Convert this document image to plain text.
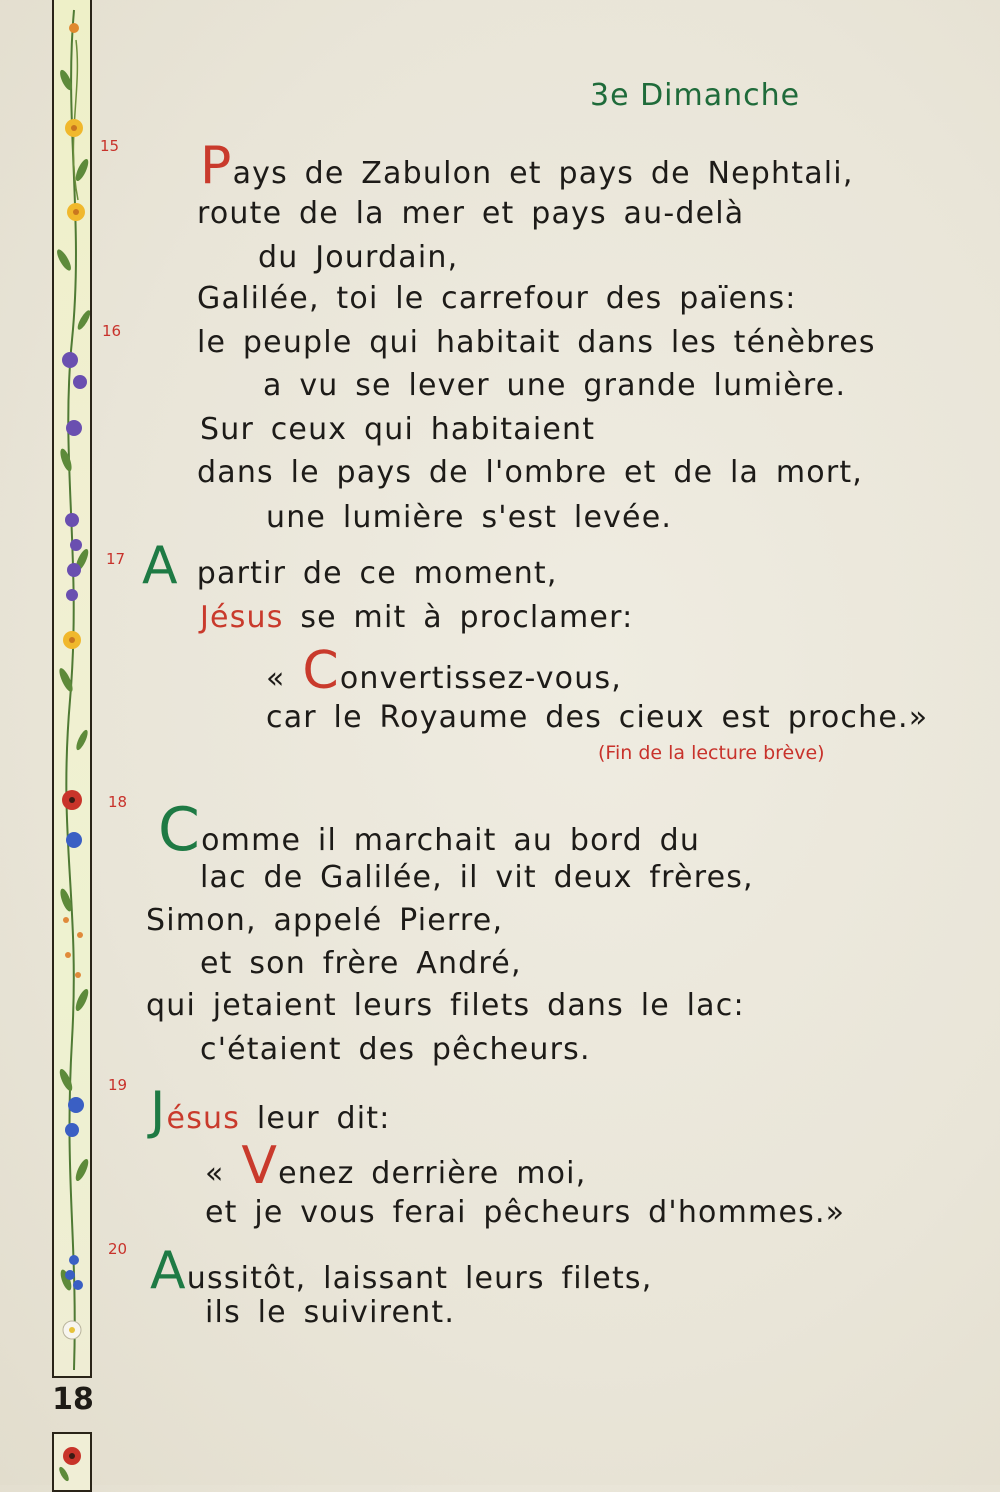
18
3e Dimanche
15
16
17
18
19
20
Pays de Zabulon et pays de Nephtali,
route de la mer et pays au-delà
du Jourdain,
Galilée, toi le carrefour des païens:
le peuple qui habitait dans les ténèbres
a vu se lever une grande lumière.
Sur ceux qui habitaient
dans le pays de l'ombre et de la mort,
une lumière s'est levée.
Apartir de ce moment,
Jésus se mit à proclamer:
« Convertissez-vous,
car le Royaume des cieux est proche.»
(Fin de la lecture brève)
Comme il marchait au bord du
lac de Galilée, il vit deux frères,
Simon, appelé Pierre,
et son frère André,
qui jetaient leurs filets dans le lac:
c'étaient des pêcheurs.
Jésus leur dit:
« Venez derrière moi,
et je vous ferai pêcheurs d'hommes.»
Aussitôt, laissant leurs filets,
ils le suivirent.
